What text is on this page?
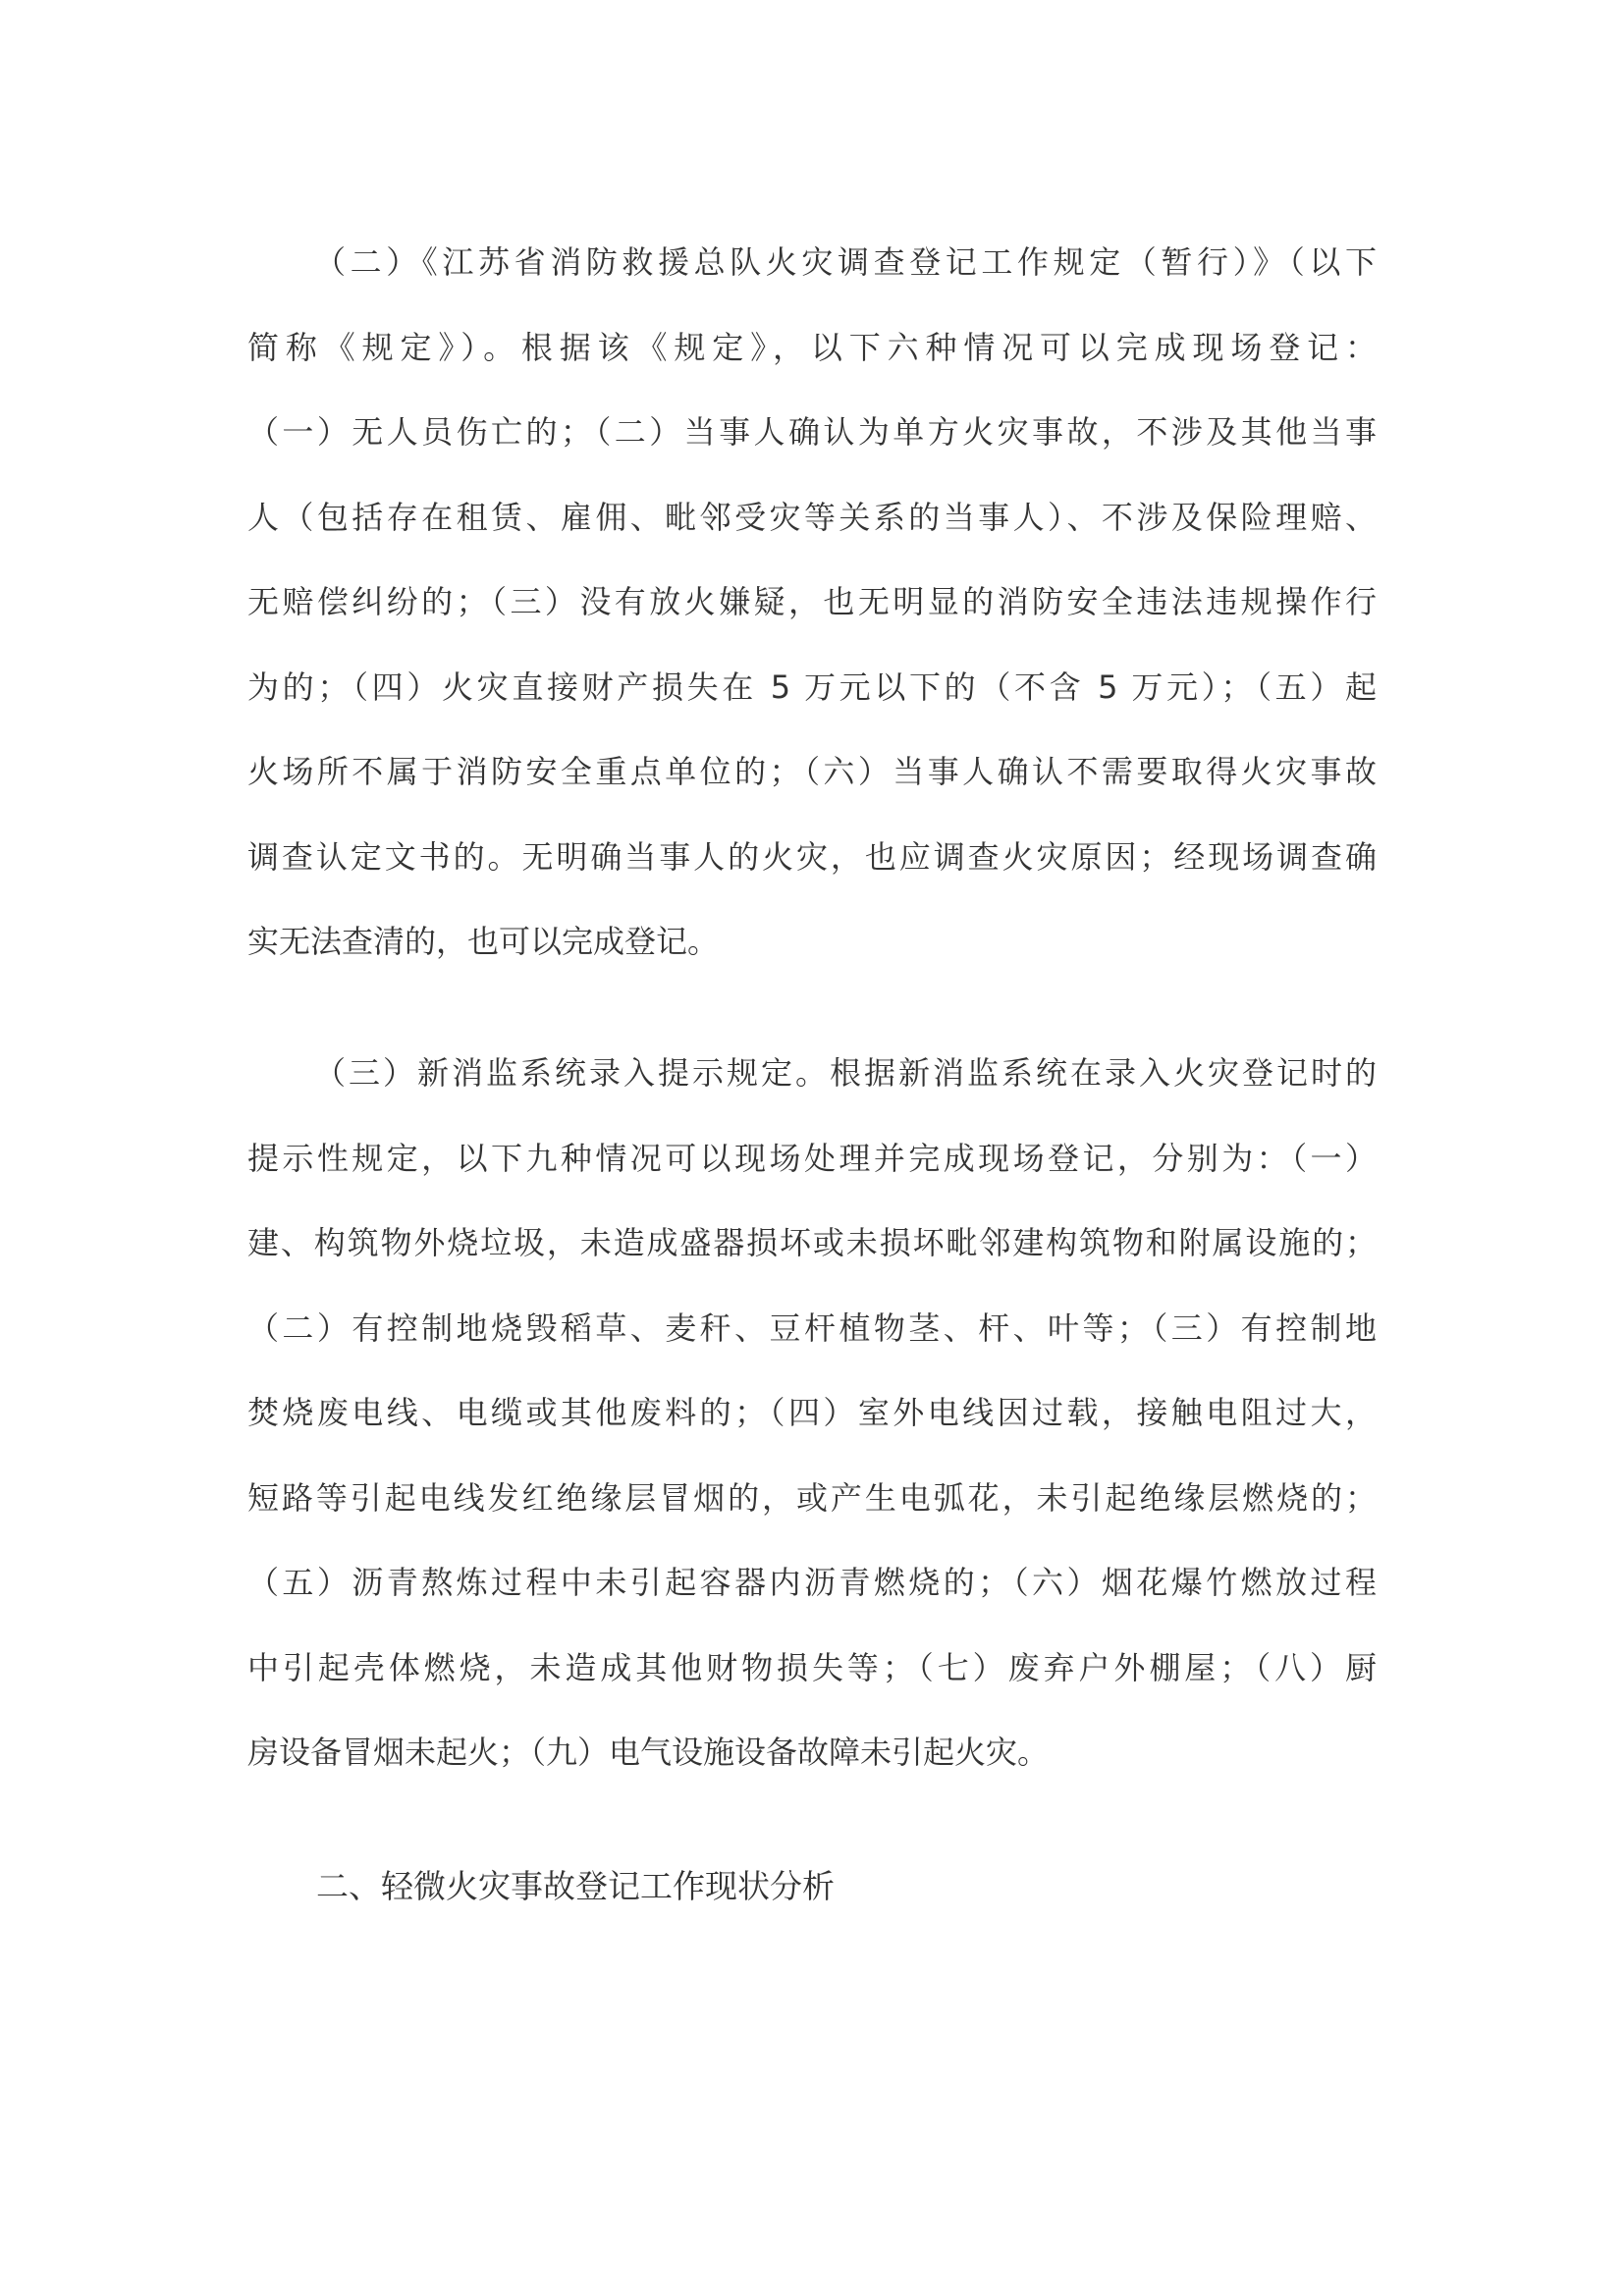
（二）《江苏省消防救援总队火灾调查登记工作规定（暂行）》（以下
简称《规定》）。根据该《规定》，以下六种情况可以完成现场登记：
（一）无人员伤亡的；（二）当事人确认为单方火灾事故，不涉及其他当事
人（包括存在租赁、雇佣、毗邻受灾等关系的当事人）、不涉及保险理赔、
无赔偿纠纷的；（三）没有放火嫌疑，也无明显的消防安全违法违规操作行
为的；（四）火灾直接财产损失在 5 万元以下的（不含 5 万元）；（五）起
火场所不属于消防安全重点单位的；（六）当事人确认不需要取得火灾事故
调查认定文书的。无明确当事人的火灾，也应调查火灾原因；经现场调查确
实无法查清的，也可以完成登记。
（三）新消监系统录入提示规定。根据新消监系统在录入火灾登记时的
提示性规定，以下九种情况可以现场处理并完成现场登记，分别为：（一）
建、构筑物外烧垃圾，未造成盛器损坏或未损坏毗邻建构筑物和附属设施的；
（二）有控制地烧毁稻草、麦秆、豆杆植物茎、杆、叶等；（三）有控制地
焚烧废电线、电缆或其他废料的；（四）室外电线因过载，接触电阻过大，
短路等引起电线发红绝缘层冒烟的，或产生电弧花，未引起绝缘层燃烧的；
（五）沥青熬炼过程中未引起容器内沥青燃烧的；（六）烟花爆竹燃放过程
中引起壳体燃烧，未造成其他财物损失等；（七）废弃户外棚屋；（八）厨
房设备冒烟未起火；（九）电气设施设备故障未引起火灾。
二、轻微火灾事故登记工作现状分析
